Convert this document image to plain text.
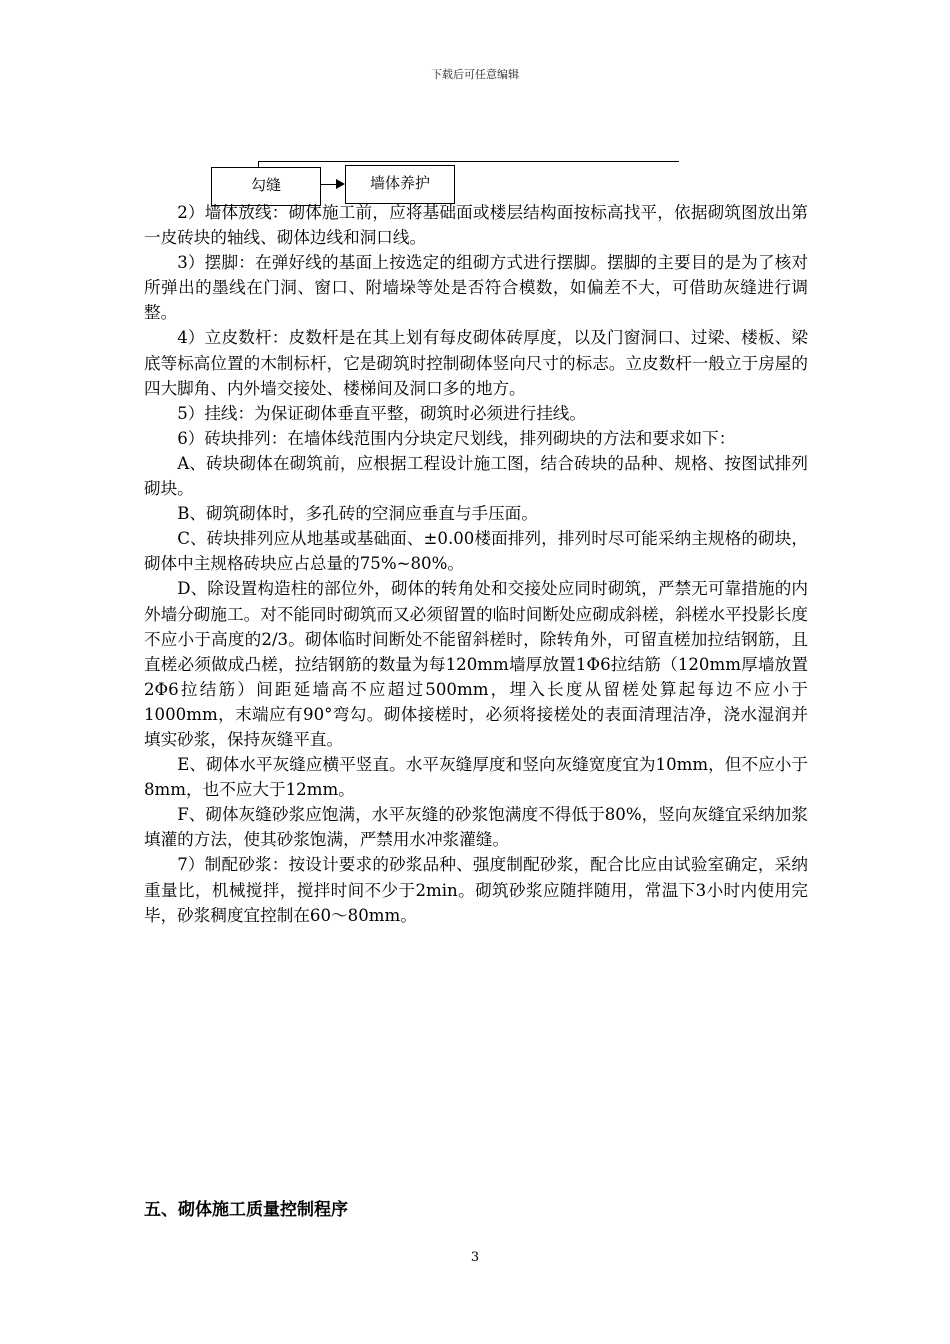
下载后可任意编辑
勾缝	墙体养护

2）墙体放线：砌体施工前，应将基础面或楼层结构面按标高找平，依据砌筑图放出第一皮砖块的轴线、砌体边线和洞口线。

3）摆脚：在弹好线的基面上按选定的组砌方式进行摆脚。摆脚的主要目的是为了核对所弹出的墨线在门洞、窗口、附墙垛等处是否符合模数，如偏差不大，可借助灰缝进行调整。

4）立皮数杆：皮数杆是在其上划有每皮砌体砖厚度，以及门窗洞口、过梁、楼板、梁底等标高位置的木制标杆，它是砌筑时控制砌体竖向尺寸的标志。立皮数杆一般立于房屋的四大脚角、内外墙交接处、楼梯间及洞口多的地方。

5）挂线：为保证砌体垂直平整，砌筑时必须进行挂线。

6）砖块排列：在墙体线范围内分块定尺划线，排列砌块的方法和要求如下：

A、砖块砌体在砌筑前，应根据工程设计施工图，结合砖块的品种、规格、按图试排列砌块。

B、砌筑砌体时，多孔砖的空洞应垂直与手压面。

C、砖块排列应从地基或基础面、±0.00楼面排列，排列时尽可能采纳主规格的砌块，砌体中主规格砖块应占总量的75%~80%。

D、除设置构造柱的部位外，砌体的转角处和交接处应同时砌筑，严禁无可靠措施的内外墙分砌施工。对不能同时砌筑而又必须留置的临时间断处应砌成斜槎，斜槎水平投影长度不应小于高度的2/3。砌体临时间断处不能留斜槎时，除转角外，可留直槎加拉结钢筋，且直槎必须做成凸槎，拉结钢筋的数量为每120mm墙厚放置1Φ6拉结筋（120mm厚墙放置2Φ6拉结筋）间距延墙高不应超过500mm，埋入长度从留槎处算起每边不应小于1000mm，末端应有90°弯勾。砌体接槎时，必须将接槎处的表面清理洁净，浇水湿润并填实砂浆，保持灰缝平直。

E、砌体水平灰缝应横平竖直。水平灰缝厚度和竖向灰缝宽度宜为10mm，但不应小于8mm，也不应大于12mm。

F、砌体灰缝砂浆应饱满，水平灰缝的砂浆饱满度不得低于80%，竖向灰缝宜采纳加浆填灌的方法，使其砂浆饱满，严禁用水冲浆灌缝。

7）制配砂浆：按设计要求的砂浆品种、强度制配砂浆，配合比应由试验室确定，采纳重量比，机械搅拌，搅拌时间不少于2min。砌筑砂浆应随拌随用，常温下3小时内使用完毕，砂浆稠度宜控制在60～80mm。

五、砌体施工质量控制程序
3
